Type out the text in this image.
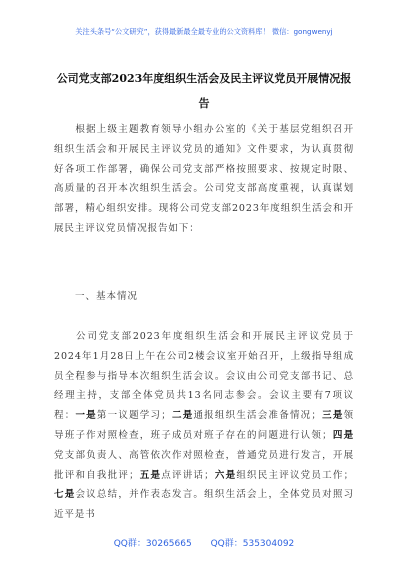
关注头条号“公文研究”，获得最新最全最专业的公文资料库！ 微信：gongwenyj
公司党支部2023年度组织生活会及民主评议党员开展情况报告
根据上级主题教育领导小组办公室的《关于基层党组织召开组织生活会和开展民主评议党员的通知》文件要求，为认真贯彻好各项工作部署，确保公司党支部严格按照要求、按规定时限、高质量的召开本次组织生活会。公司党支部高度重视，认真谋划部署，精心组织安排。现将公司党支部2023年度组织生活会和开展民主评议党员情况报告如下：
一、基本情况
公司党支部2023年度组织生活会和开展民主评议党员于2024年1月28日上午在公司2楼会议室开始召开，上级指导组成员全程参与指导本次组织生活会议。会议由公司党支部书记、总经理主持，支部全体党员共13名同志参会。会议主要有7项议程：一是第一议题学习；二是通报组织生活会准备情况；三是领导班子作对照检查，班子成员对班子存在的问题进行认领；四是党支部负责人、高管依次作对照检查，普通党员进行发言，开展批评和自我批评；五是点评讲话；六是组织民主评议党员工作；七是会议总结，并作表态发言。组织生活会上，全体党员对照习近平是书
QQ群：30265665 QQ群：535304092
